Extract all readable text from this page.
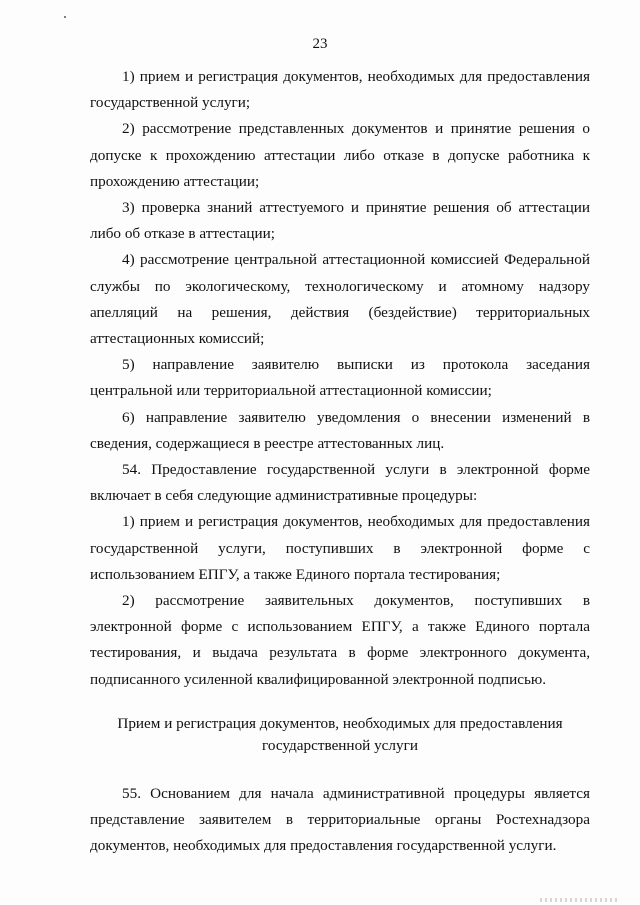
23

1) прием и регистрация документов, необходимых для предоставления государственной услуги;

2) рассмотрение представленных документов и принятие решения о допуске к прохождению аттестации либо отказе в допуске работника к прохождению аттестации;

3) проверка знаний аттестуемого и принятие решения об аттестации либо об отказе в аттестации;

4) рассмотрение центральной аттестационной комиссией Федеральной службы по экологическому, технологическому и атомному надзору апелляций на решения, действия (бездействие) территориальных аттестационных комиссий;

5) направление заявителю выписки из протокола заседания центральной или территориальной аттестационной комиссии;

6) направление заявителю уведомления о внесении изменений в сведения, содержащиеся в реестре аттестованных лиц.

54. Предоставление государственной услуги в электронной форме включает в себя следующие административные процедуры:

1) прием и регистрация документов, необходимых для предоставления государственной услуги, поступивших в электронной форме с использованием ЕПГУ, а также Единого портала тестирования;

2) рассмотрение заявительных документов, поступивших в электронной форме с использованием ЕПГУ, а также Единого портала тестирования, и выдача результата в форме электронного документа, подписанного усиленной квалифицированной электронной подписью.

Прием и регистрация документов, необходимых для предоставления
государственной услуги

55. Основанием для начала административной процедуры является представление заявителем в территориальные органы Ростехнадзора документов, необходимых для предоставления государственной услуги.
